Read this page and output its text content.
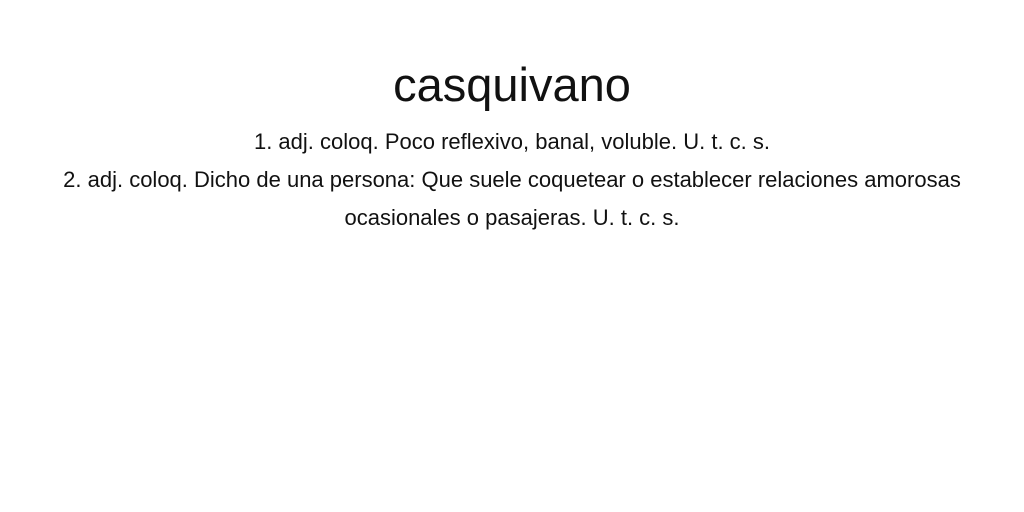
casquivano
1. adj. coloq. Poco reflexivo, banal, voluble. U. t. c. s.
2. adj. coloq. Dicho de una persona: Que suele coquetear o establecer relaciones amorosas ocasionales o pasajeras. U. t. c. s.
